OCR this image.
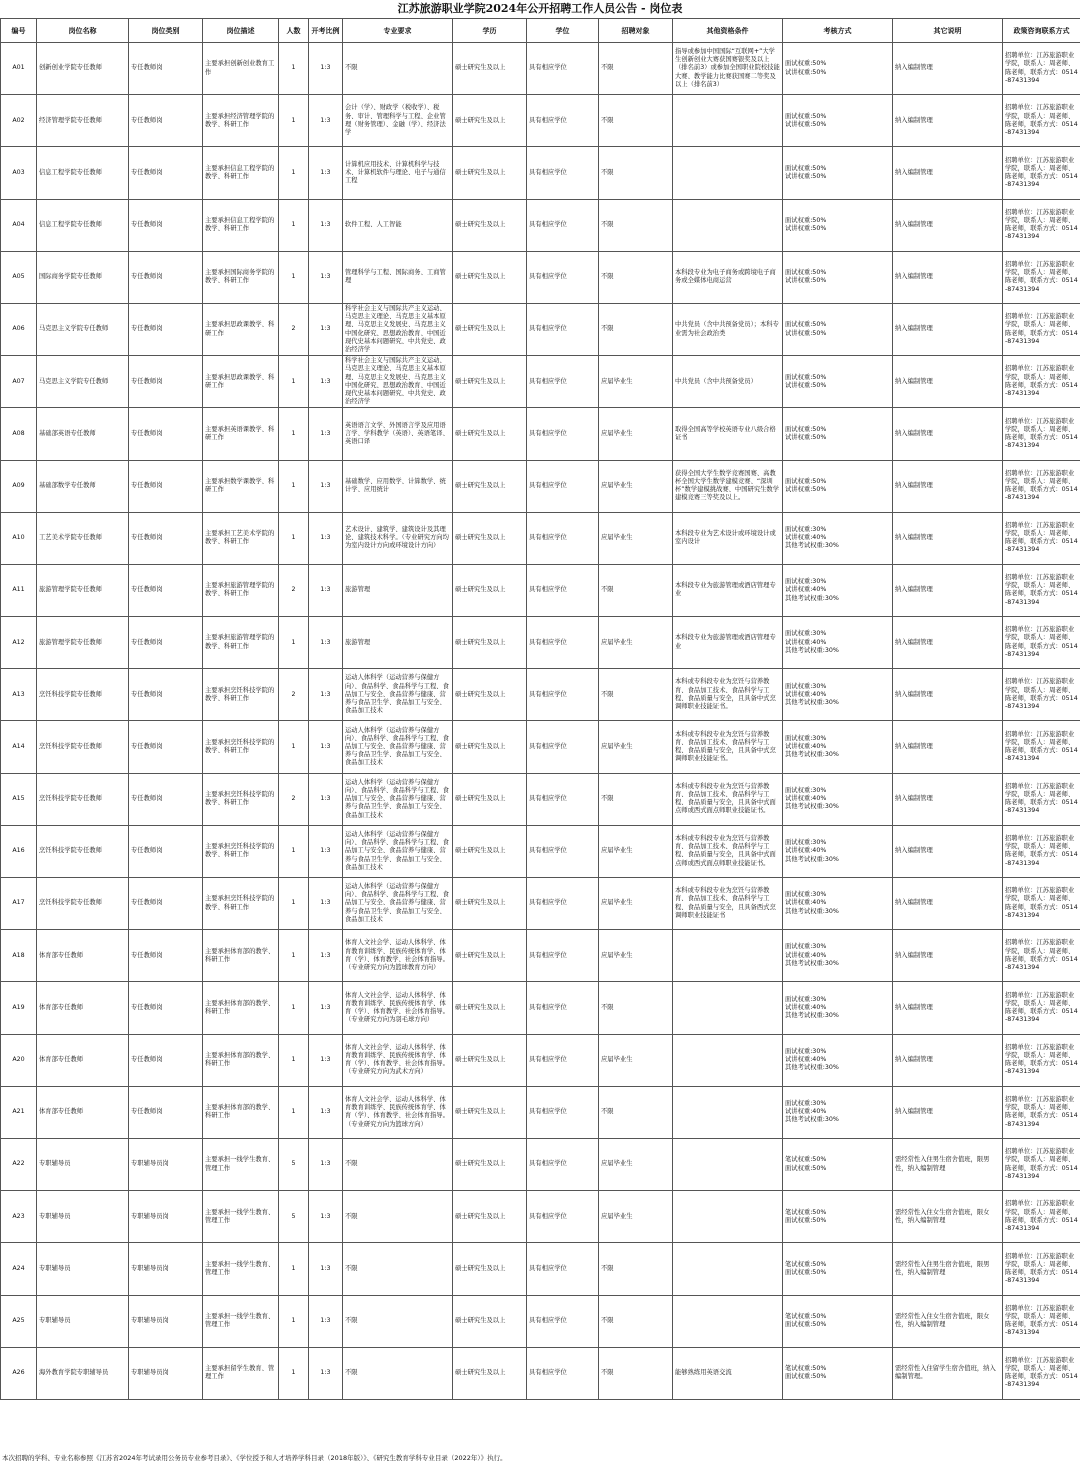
江苏旅游职业学院2024年公开招聘工作人员公告 - 岗位表
编号	岗位名称	岗位类别	岗位描述	人数	开考比例	专业要求	学历	学位	招聘对象	其他资格条件	考核方式	其它说明	政策咨询联系方式
A01	创新创业学院专任教师	专任教师岗	主要承担创新创业教育工作	1	1:3	不限	硕士研究生及以上	具有相应学位	不限	指导或参加中国国际“互联网+”大学生创新创业大赛获国赛银奖及以上（排名前3）或参加全国职业院校技能大赛、教学能力比赛获国赛二等奖及以上（排名前3）	面试权重:50%
试讲权重:50%	纳入编制管理	招聘单位：江苏旅游职业学院，联系人：周老师、陈老师，联系方式：0514-87431394
A02	经济管理学院专任教师	专任教师岗	主要承担经济管理学院的教学、科研工作	1	1:3	会计（学）、财政学（税收学）、税务、审计、管理科学与工程、企业管理（财务管理）、金融（学）、经济法学	硕士研究生及以上	具有相应学位	不限		面试权重:50%
试讲权重:50%	纳入编制管理	招聘单位：江苏旅游职业学院，联系人：周老师、陈老师，联系方式：0514-87431394
A03	信息工程学院专任教师	专任教师岗	主要承担信息工程学院的教学、科研工作	1	1:3	计算机应用技术、计算机科学与技术、计算机软件与理论、电子与通信工程	硕士研究生及以上	具有相应学位	不限		面试权重:50%
试讲权重:50%	纳入编制管理	招聘单位：江苏旅游职业学院，联系人：周老师、陈老师，联系方式：0514-87431394
A04	信息工程学院专任教师	专任教师岗	主要承担信息工程学院的教学、科研工作	1	1:3	软件工程、人工智能	硕士研究生及以上	具有相应学位	不限		面试权重:50%
试讲权重:50%	纳入编制管理	招聘单位：江苏旅游职业学院，联系人：周老师、陈老师，联系方式：0514-87431394
A05	国际商务学院专任教师	专任教师岗	主要承担国际商务学院的教学、科研工作	1	1:3	管理科学与工程、国际商务、工商管理	硕士研究生及以上	具有相应学位	不限	本科段专业为电子商务或跨境电子商务或全媒体电商运营	面试权重:50%
试讲权重:50%	纳入编制管理	招聘单位：江苏旅游职业学院，联系人：周老师、陈老师，联系方式：0514-87431394
A06	马克思主义学院专任教师	专任教师岗	主要承担思政课教学、科研工作	2	1:3	科学社会主义与国际共产主义运动、马克思主义理论、马克思主义基本原理、马克思主义发展史、马克思主义中国化研究、思想政治教育、中国近现代史基本问题研究、中共党史、政治经济学	硕士研究生及以上	具有相应学位	不限	中共党员（含中共预备党员）；本科专业需为社会政治类	面试权重:50%
试讲权重:50%	纳入编制管理	招聘单位：江苏旅游职业学院，联系人：周老师、陈老师，联系方式：0514-87431394
A07	马克思主义学院专任教师	专任教师岗	主要承担思政课教学、科研工作	1	1:3	科学社会主义与国际共产主义运动、马克思主义理论、马克思主义基本原理、马克思主义发展史、马克思主义中国化研究、思想政治教育、中国近现代史基本问题研究、中共党史、政治经济学	硕士研究生及以上	具有相应学位	应届毕业生	中共党员（含中共预备党员）	面试权重:50%
试讲权重:50%	纳入编制管理	招聘单位：江苏旅游职业学院，联系人：周老师、陈老师，联系方式：0514-87431394
A08	基础部英语专任教师	专任教师岗	主要承担英语课教学、科研工作	1	1:3	英语语言文学、外国语言学及应用语言学、学科教学（英语）、英语笔译、英语口译	硕士研究生及以上	具有相应学位	应届毕业生	取得全国高等学校英语专业八级合格证书	面试权重:50%
试讲权重:50%	纳入编制管理	招聘单位：江苏旅游职业学院，联系人：周老师、陈老师，联系方式：0514-87431394
A09	基础部数学专任教师	专任教师岗	主要承担数学课教学、科研工作	1	1:3	基础数学、应用数学、计算数学、统计学、应用统计	硕士研究生及以上	具有相应学位	应届毕业生	获得全国大学生数学竞赛国赛、高教杯全国大学生数学建模竞赛、“深圳杯”数学建模挑战赛、中国研究生数学建模竞赛三等奖及以上。	面试权重:50%
试讲权重:50%	纳入编制管理	招聘单位：江苏旅游职业学院，联系人：周老师、陈老师，联系方式：0514-87431394
A10	工艺美术学院专任教师	专任教师岗	主要承担工艺美术学院的教学、科研工作	1	1:3	艺术设计、建筑学、建筑设计及其理论、建筑技术科学。（专业研究方向均为室内设计方向或环境设计方向）	硕士研究生及以上	具有相应学位	应届毕业生	本科段专业为艺术设计或环境设计或室内设计	面试权重:30%
试讲权重:40%
其他考试权重:30%	纳入编制管理	招聘单位：江苏旅游职业学院，联系人：周老师、陈老师，联系方式：0514-87431394
A11	旅游管理学院专任教师	专任教师岗	主要承担旅游管理学院的教学、科研工作	2	1:3	旅游管理	硕士研究生及以上	具有相应学位	不限	本科段专业为旅游管理或酒店管理专业	面试权重:30%
试讲权重:40%
其他考试权重:30%	纳入编制管理	招聘单位：江苏旅游职业学院，联系人：周老师、陈老师，联系方式：0514-87431394
A12	旅游管理学院专任教师	专任教师岗	主要承担旅游管理学院的教学、科研工作	1	1:3	旅游管理	硕士研究生及以上	具有相应学位	应届毕业生	本科段专业为旅游管理或酒店管理专业	面试权重:30%
试讲权重:40%
其他考试权重:30%	纳入编制管理	招聘单位：江苏旅游职业学院，联系人：周老师、陈老师，联系方式：0514-87431394
A13	烹饪科技学院专任教师	专任教师岗	主要承担烹饪科技学院的教学、科研工作	2	1:3	运动人体科学（运动营养与保健方向）、食品科学、食品科学与工程、食品加工与安全、食品营养与健康、营养与食品卫生学、食品加工与安全、食品加工技术	硕士研究生及以上	具有相应学位	不限	本科或专科段专业为烹饪与营养教育、食品加工技术、食品科学与工程、食品质量与安全，且具备中式烹调师职业技能证书。	面试权重:30%
试讲权重:40%
其他考试权重:30%	纳入编制管理	招聘单位：江苏旅游职业学院，联系人：周老师、陈老师，联系方式：0514-87431394
A14	烹饪科技学院专任教师	专任教师岗	主要承担烹饪科技学院的教学、科研工作	1	1:3	运动人体科学（运动营养与保健方向）、食品科学、食品科学与工程、食品加工与安全、食品营养与健康、营养与食品卫生学、食品加工与安全、食品加工技术	硕士研究生及以上	具有相应学位	应届毕业生	本科或专科段专业为烹饪与营养教育、食品加工技术、食品科学与工程、食品质量与安全，且具备中式烹调师职业技能证书。	面试权重:30%
试讲权重:40%
其他考试权重:30%	纳入编制管理	招聘单位：江苏旅游职业学院，联系人：周老师、陈老师，联系方式：0514-87431394
A15	烹饪科技学院专任教师	专任教师岗	主要承担烹饪科技学院的教学、科研工作	2	1:3	运动人体科学（运动营养与保健方向）、食品科学、食品科学与工程、食品加工与安全、食品营养与健康、营养与食品卫生学、食品加工与安全、食品加工技术	硕士研究生及以上	具有相应学位	不限	本科或专科段专业为烹饪与营养教育、食品加工技术、食品科学与工程、食品质量与安全，且具备中式面点师或西式面点师职业技能证书。	面试权重:30%
试讲权重:40%
其他考试权重:30%	纳入编制管理	招聘单位：江苏旅游职业学院，联系人：周老师、陈老师，联系方式：0514-87431394
A16	烹饪科技学院专任教师	专任教师岗	主要承担烹饪科技学院的教学、科研工作	1	1:3	运动人体科学（运动营养与保健方向）、食品科学、食品科学与工程、食品加工与安全、食品营养与健康、营养与食品卫生学、食品加工与安全、食品加工技术	硕士研究生及以上	具有相应学位	应届毕业生	本科或专科段专业为烹饪与营养教育、食品加工技术、食品科学与工程、食品质量与安全，且具备中式面点师或西式面点师职业技能证书。	面试权重:30%
试讲权重:40%
其他考试权重:30%	纳入编制管理	招聘单位：江苏旅游职业学院，联系人：周老师、陈老师，联系方式：0514-87431394
A17	烹饪科技学院专任教师	专任教师岗	主要承担烹饪科技学院的教学、科研工作	1	1:3	运动人体科学（运动营养与保健方向）、食品科学、食品科学与工程、食品加工与安全、食品营养与健康、营养与食品卫生学、食品加工与安全、食品加工技术	硕士研究生及以上	具有相应学位	应届毕业生	本科或专科段专业为烹饪与营养教育、食品加工技术、食品科学与工程、食品质量与安全，且具备西式烹调师职业技能证书	面试权重:30%
试讲权重:40%
其他考试权重:30%	纳入编制管理	招聘单位：江苏旅游职业学院，联系人：周老师、陈老师，联系方式：0514-87431394
A18	体育部专任教师	专任教师岗	主要承担体育部的教学、科研工作	1	1:3	体育人文社会学、运动人体科学、体育教育训练学、民族传统体育学、体育（学）、体育教学、社会体育指导。（专业研究方向为篮球教育方向）	硕士研究生及以上	具有相应学位	应届毕业生		面试权重:30%
试讲权重:40%
其他考试权重:30%	纳入编制管理	招聘单位：江苏旅游职业学院，联系人：周老师、陈老师，联系方式：0514-87431394
A19	体育部专任教师	专任教师岗	主要承担体育部的教学、科研工作	1	1:3	体育人文社会学、运动人体科学、体育教育训练学、民族传统体育学、体育（学）、体育教学、社会体育指导。（专业研究方向为羽毛球方向）	硕士研究生及以上	具有相应学位	不限		面试权重:30%
试讲权重:40%
其他考试权重:30%	纳入编制管理	招聘单位：江苏旅游职业学院，联系人：周老师、陈老师，联系方式：0514-87431394
A20	体育部专任教师	专任教师岗	主要承担体育部的教学、科研工作	1	1:3	体育人文社会学、运动人体科学、体育教育训练学、民族传统体育学、体育（学）、体育教学、社会体育指导。（专业研究方向为武术方向）	硕士研究生及以上	具有相应学位	应届毕业生		面试权重:30%
试讲权重:40%
其他考试权重:30%	纳入编制管理	招聘单位：江苏旅游职业学院，联系人：周老师、陈老师，联系方式：0514-87431394
A21	体育部专任教师	专任教师岗	主要承担体育部的教学、科研工作	1	1:3	体育人文社会学、运动人体科学、体育教育训练学、民族传统体育学、体育（学）、体育教学、社会体育指导。（专业研究方向为篮球方向）	硕士研究生及以上	具有相应学位	不限		面试权重:30%
试讲权重:40%
其他考试权重:30%	纳入编制管理	招聘单位：江苏旅游职业学院，联系人：周老师、陈老师，联系方式：0514-87431394
A22	专职辅导员	专职辅导员岗	主要承担一线学生教育、管理工作	5	1:3	不限	硕士研究生及以上	具有相应学位	应届毕业生		笔试权重:50%
面试权重:50%	需经常性入住男生宿舍值班，限男性，纳入编制管理	招聘单位：江苏旅游职业学院，联系人：周老师、陈老师，联系方式：0514-87431394
A23	专职辅导员	专职辅导员岗	主要承担一线学生教育、管理工作	5	1:3	不限	硕士研究生及以上	具有相应学位	应届毕业生		笔试权重:50%
面试权重:50%	需经常性入住女生宿舍值班，限女性，纳入编制管理	招聘单位：江苏旅游职业学院，联系人：周老师、陈老师，联系方式：0514-87431394
A24	专职辅导员	专职辅导员岗	主要承担一线学生教育、管理工作	1	1:3	不限	硕士研究生及以上	具有相应学位	不限		笔试权重:50%
面试权重:50%	需经常性入住男生宿舍值班，限男性，纳入编制管理	招聘单位：江苏旅游职业学院，联系人：周老师、陈老师，联系方式：0514-87431394
A25	专职辅导员	专职辅导员岗	主要承担一线学生教育、管理工作	1	1:3	不限	硕士研究生及以上	具有相应学位	不限		笔试权重:50%
面试权重:50%	需经常性入住女生宿舍值班，限女性，纳入编制管理	招聘单位：江苏旅游职业学院，联系人：周老师、陈老师，联系方式：0514-87431394
A26	海外教育学院专职辅导员	专职辅导员岗	主要承担留学生教育、管理工作	1	1:3	不限	硕士研究生及以上	具有相应学位	不限	能够熟练用英语交流	笔试权重:50%
面试权重:50%	需经常性入住留学生宿舍值班，纳入编制管理。	招聘单位：江苏旅游职业学院，联系人：周老师、陈老师，联系方式：0514-87431394
本次招聘的学科、专业名称参照《江苏省2024年考试录用公务员专业参考目录》、《学位授予和人才培养学科目录（2018年版）》、《研究生教育学科专业目录（2022年）》执行。
